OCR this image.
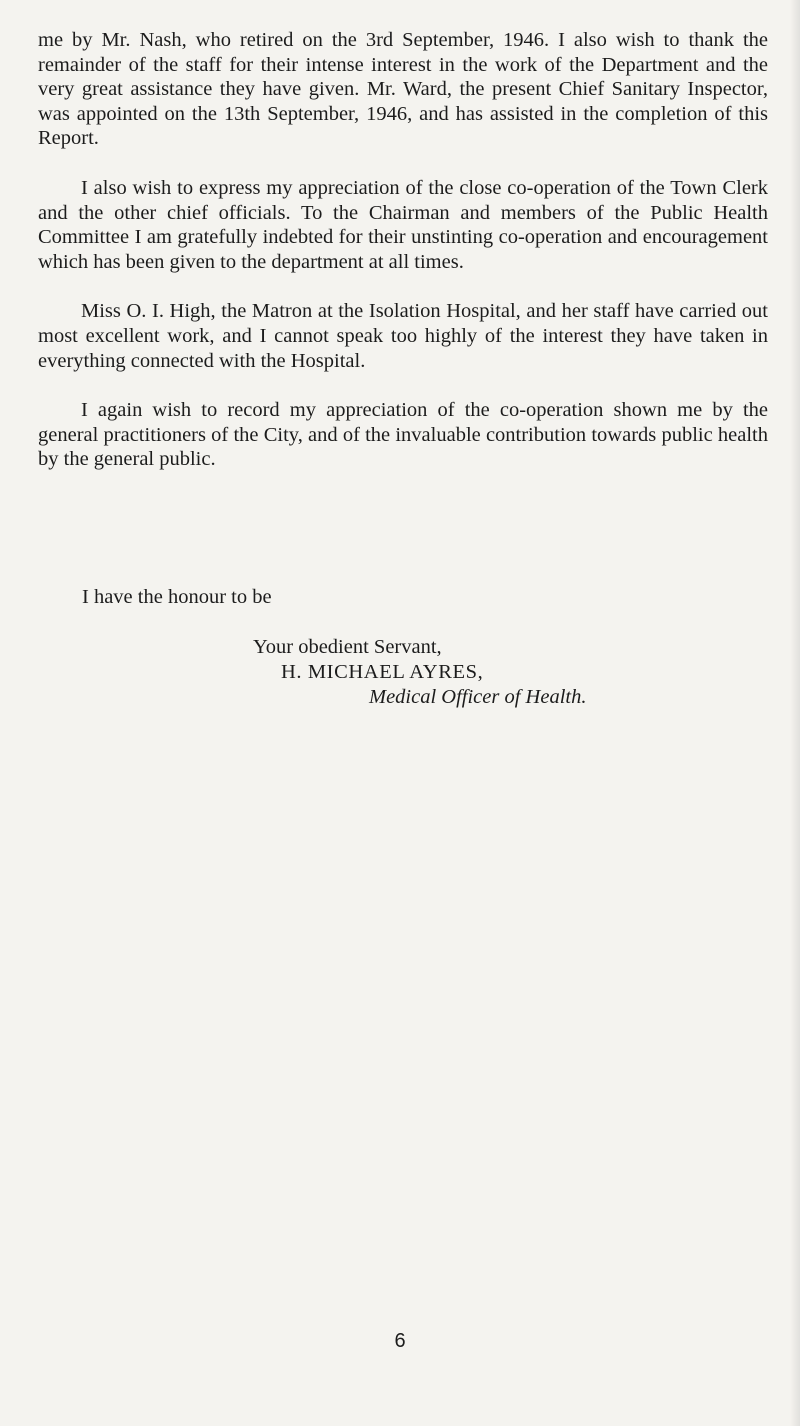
me by Mr. Nash, who retired on the 3rd September, 1946. I also wish to thank the remainder of the staff for their intense interest in the work of the Department and the very great assistance they have given. Mr. Ward, the present Chief Sanitary Inspector, was appointed on the 13th September, 1946, and has assisted in the completion of this Report.

I also wish to express my appreciation of the close co-operation of the Town Clerk and the other chief officials. To the Chairman and members of the Public Health Committee I am gratefully indebted for their unstinting co-operation and encouragement which has been given to the department at all times.

Miss O. I. High, the Matron at the Isolation Hospital, and her staff have carried out most excellent work, and I cannot speak too highly of the interest they have taken in everything connected with the Hospital.

I again wish to record my appreciation of the co-operation shown me by the general practitioners of the City, and of the invaluable contribution towards public health by the general public.

I have the honour to be

Your obedient Servant,

H. MICHAEL AYRES,

Medical Officer of Health.

6
